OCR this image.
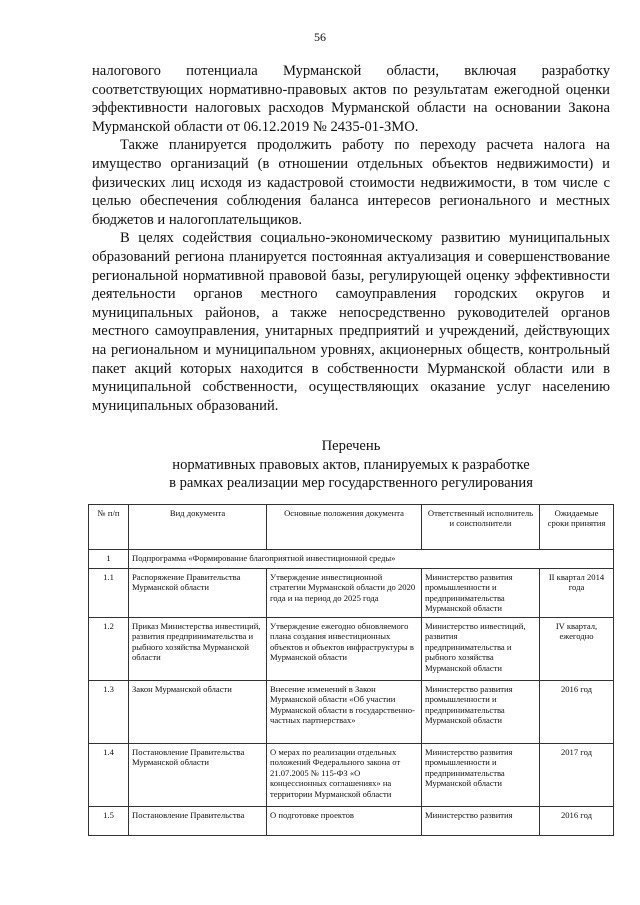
56

налогового потенциала Мурманской области, включая разработку соответствующих нормативно-правовых актов по результатам ежегодной оценки эффективности налоговых расходов Мурманской области на основании Закона Мурманской области от 06.12.2019 № 2435-01-ЗМО.

Также планируется продолжить работу по переходу расчета налога на имущество организаций (в отношении отдельных объектов недвижимости) и физических лиц исходя из кадастровой стоимости недвижимости, в том числе с целью обеспечения соблюдения баланса интересов регионального и местных бюджетов и налогоплательщиков.

В целях содействия социально-экономическому развитию муниципальных образований региона планируется постоянная актуализация и совершенствование региональной нормативной правовой базы, регулирующей оценку эффективности деятельности органов местного самоуправления городских округов и муниципальных районов, а также непосредственно руководителей органов местного самоуправления, унитарных предприятий и учреждений, действующих на региональном и муниципальном уровнях, акционерных обществ, контрольный пакет акций которых находится в собственности Мурманской области или в муниципальной собственности, осуществляющих оказание услуг населению муниципальных образований.

Перечень
нормативных правовых актов, планируемых к разработке
в рамках реализации мер государственного регулирования
№ п/п	Вид документа	Основные положения документа	Ответственный исполнитель и соисполнители	Ожидаемые сроки принятия
1	Подпрограмма «Формирование благоприятной инвестиционной среды»			
1.1	Распоряжение Правительства Мурманской области	Утверждение инвестиционной стратегии Мурманской области до 2020 года и на период до 2025 года	Министерство развития промышленности и предпринимательства Мурманской области	II квартал 2014 года
1.2	Приказ Министерства инвестиций, развития предпринимательства и рыбного хозяйства Мурманской области	Утверждение ежегодно обновляемого плана создания инвестиционных объектов и объектов инфраструктуры в Мурманской области	Министерство инвестиций, развития предпринимательства и рыбного хозяйства Мурманской области	IV квартал, ежегодно
1.3	Закон Мурманской области	Внесение изменений в Закон Мурманской области «Об участии Мурманской области в государственно-частных партнерствах»	Министерство развития промышленности и предпринимательства Мурманской области	2016 год
1.4	Постановление Правительства Мурманской области	О мерах по реализации отдельных положений Федерального закона от 21.07.2005 № 115-ФЗ «О концессионных соглашениях» на территории Мурманской области	Министерство развития промышленности и предпринимательства Мурманской области	2017 год
1.5	Постановление Правительства	О подготовке проектов	Министерство развития	2016 год
